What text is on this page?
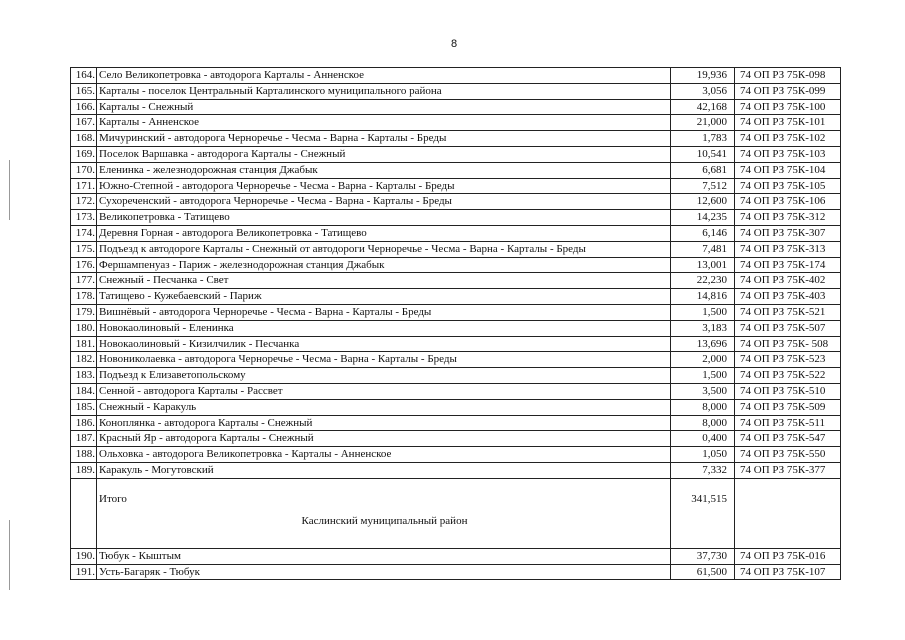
8
164.	Село Великопетровка - автодорога Карталы - Анненское	19,936	74 ОП РЗ 75К-098
165.	Карталы - поселок Центральный Карталинского муниципального района	3,056	74 ОП РЗ 75К-099
166.	Карталы - Снежный	42,168	74 ОП РЗ 75К-100
167.	Карталы - Анненское	21,000	74 ОП РЗ 75К-101
168.	Мичуринский - автодорога Черноречье - Чесма - Варна - Карталы - Бреды	1,783	74 ОП РЗ 75К-102
169.	Поселок Варшавка - автодорога Карталы - Снежный	10,541	74 ОП РЗ 75К-103
170.	Еленинка - железнодорожная станция Джабык	6,681	74 ОП РЗ 75К-104
171.	Южно-Степной - автодорога Черноречье - Чесма - Варна - Карталы - Бреды	7,512	74 ОП РЗ 75К-105
172.	Сухореченский - автодорога Черноречье - Чесма - Варна - Карталы - Бреды	12,600	74 ОП РЗ 75К-106
173.	Великопетровка - Татищево	14,235	74 ОП РЗ 75К-312
174.	Деревня Горная - автодорога Великопетровка - Татищево	6,146	74 ОП РЗ 75К-307
175.	Подъезд к автодороге Карталы - Снежный от автодороги Черноречье - Чесма - Варна - Карталы - Бреды	7,481	74 ОП РЗ 75К-313
176.	Фершампенуаз - Париж - железнодорожная станция Джабык	13,001	74 ОП РЗ 75К-174
177.	Снежный - Песчанка - Свет	22,230	74 ОП РЗ 75К-402
178.	Татищево - Кужебаевский - Париж	14,816	74 ОП РЗ 75К-403
179.	Вишнёвый - автодорога Черноречье - Чесма - Варна - Карталы - Бреды	1,500	74 ОП РЗ 75К-521
180.	Новокаолиновый - Еленинка	3,183	74 ОП РЗ 75К-507
181.	Новокаолиновый - Кизилчилик - Песчанка	13,696	74 ОП РЗ 75К- 508
182.	Новониколаевка - автодорога Черноречье - Чесма - Варна - Карталы - Бреды	2,000	74 ОП РЗ 75К-523
183.	Подъезд к Елизаветопольскому	1,500	74 ОП РЗ 75К-522
184.	Сенной - автодорога Карталы - Рассвет	3,500	74 ОП РЗ 75К-510
185.	Снежный - Каракуль	8,000	74 ОП РЗ 75К-509
186.	Коноплянка - автодорога Карталы - Снежный	8,000	74 ОП РЗ 75К-511
187.	Красный Яр - автодорога Карталы - Снежный	0,400	74 ОП РЗ 75К-547
188.	Ольховка - автодорога Великопетровка - Карталы - Анненское	1,050	74 ОП РЗ 75К-550
189.	Каракуль - Могутовский	7,332	74 ОП РЗ 75К-377

	Итого	341,515	
	Каслинский муниципальный район		

190.	Тюбук - Кыштым	37,730	74 ОП РЗ 75К-016
191.	Усть-Багаряк - Тюбук	61,500	74 ОП РЗ 75К-107
